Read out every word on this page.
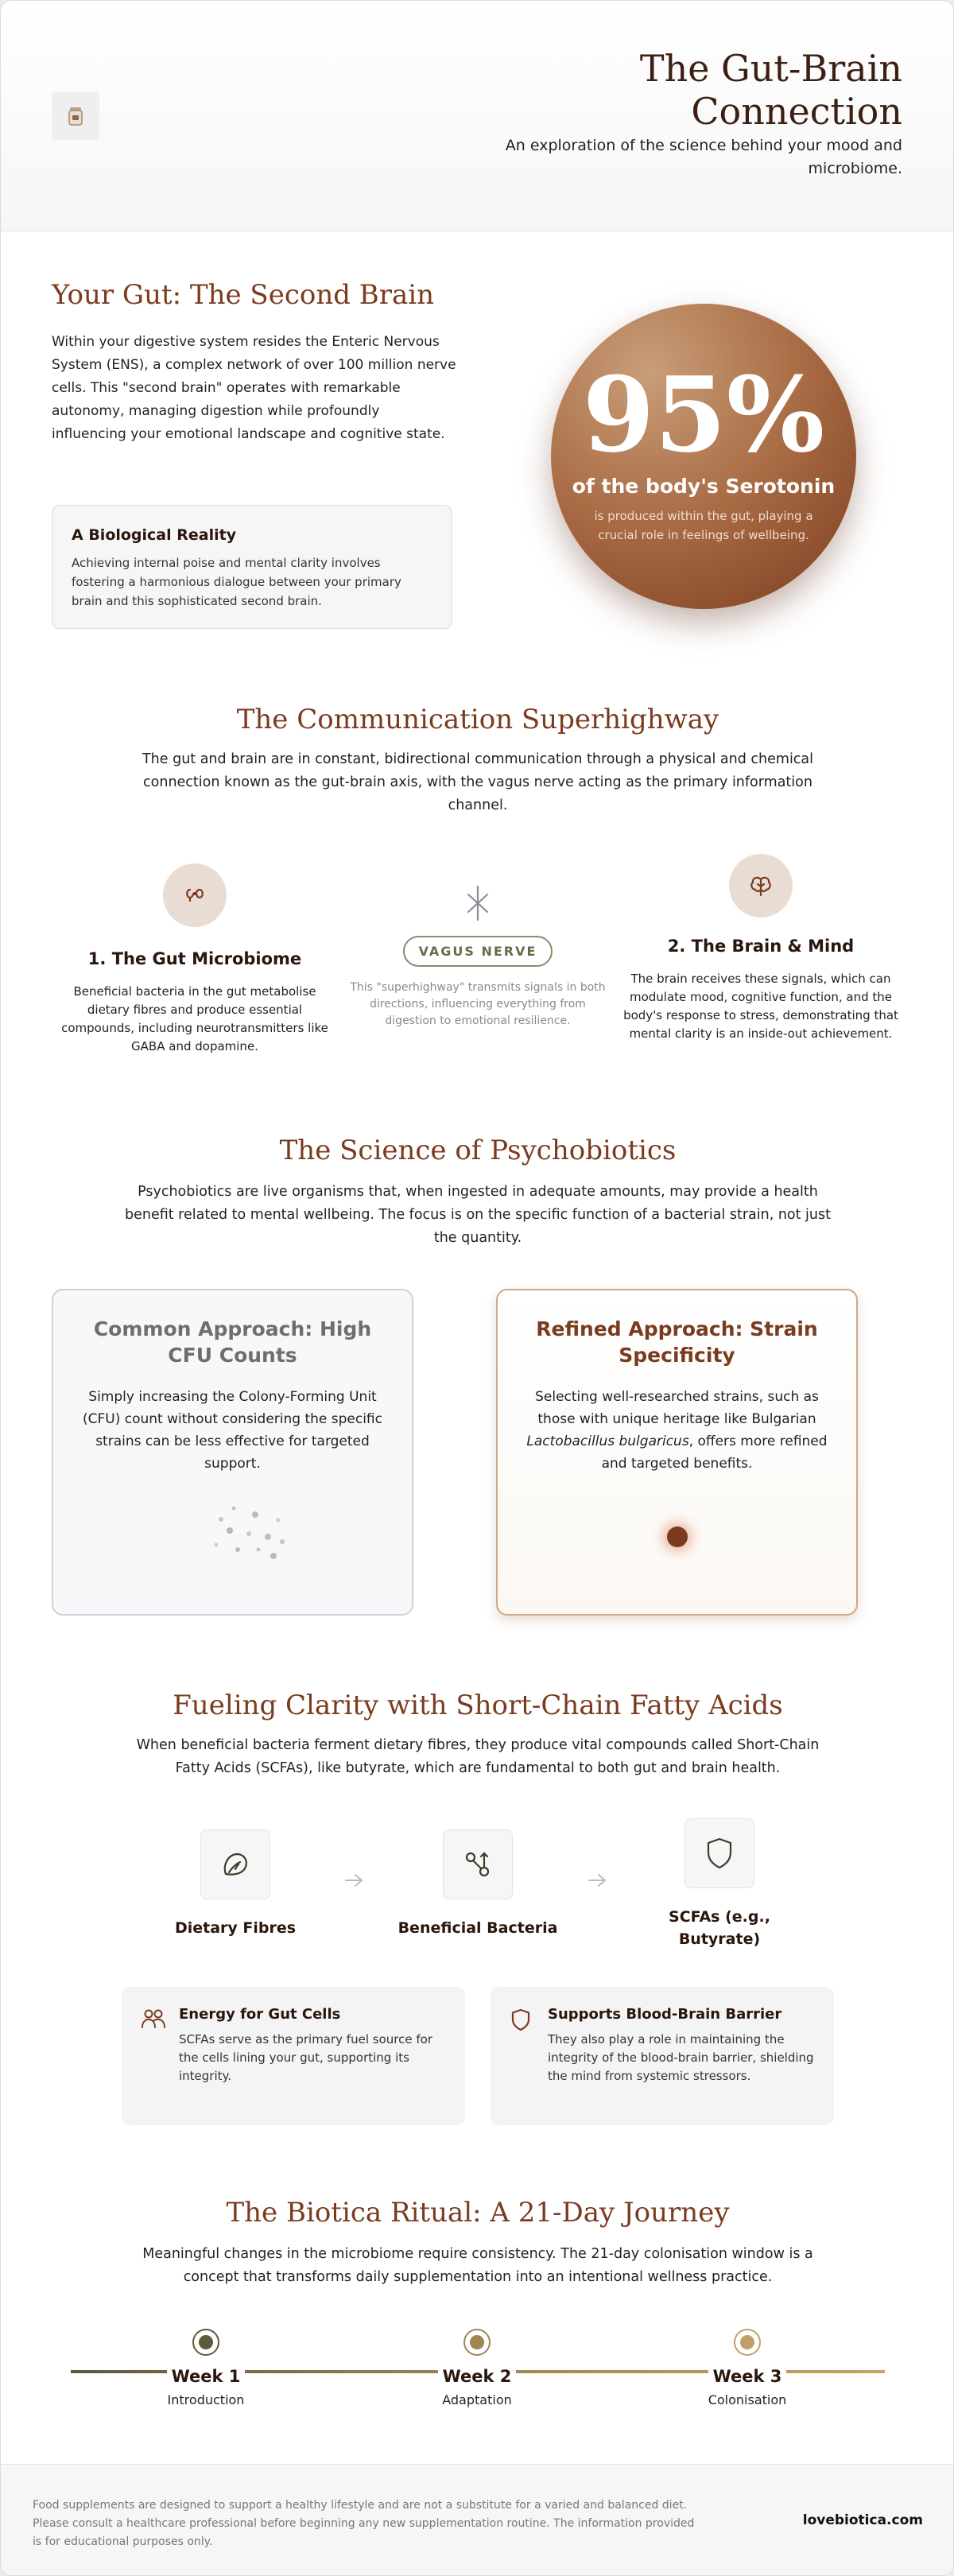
The Gut-Brain Connection
An exploration of the science behind your mood and microbiome.
Your Gut: The Second Brain
Within your digestive system resides the Enteric Nervous System (ENS), a complex network of over 100 million nerve cells. This "second brain" operates with remarkable autonomy, managing digestion while profoundly influencing your emotional landscape and cognitive state.
A Biological Reality

Achieving internal poise and mental clarity involves fostering a harmonious dialogue between your primary brain and this sophisticated second brain.

95%
of the body's Serotonin
is produced within the gut, playing a crucial role in feelings of wellbeing.
The Communication Superhighway
The gut and brain are in constant, bidirectional communication through a physical and chemical connection known as the gut-brain axis, with the vagus nerve acting as the primary information channel.
1. The Gut Microbiome
Beneficial bacteria in the gut metabolise dietary fibres and produce essential compounds, including neurotransmitters like GABA and dopamine.
VAGUS NERVE
This "superhighway" transmits signals in both directions, influencing everything from digestion to emotional resilience.
2. The Brain & Mind
The brain receives these signals, which can modulate mood, cognitive function, and the body's response to stress, demonstrating that mental clarity is an inside-out achievement.
The Science of Psychobiotics
Psychobiotics are live organisms that, when ingested in adequate amounts, may provide a health benefit related to mental wellbeing. The focus is on the specific function of a bacterial strain, not just the quantity.
Common Approach: High CFU Counts

Simply increasing the Colony-Forming Unit (CFU) count without considering the specific strains can be less effective for targeted support.

Refined Approach: Strain Specificity

Selecting well-researched strains, such as those with unique heritage like Bulgarian Lactobacillus bulgaricus, offers more refined and targeted benefits.

Fueling Clarity with Short-Chain Fatty Acids
When beneficial bacteria ferment dietary fibres, they produce vital compounds called Short-Chain Fatty Acids (SCFAs), like butyrate, which are fundamental to both gut and brain health.
Dietary Fibres	Beneficial Bacteria
SCFAs (e.g., Butyrate)
Energy for Gut Cells

SCFAs serve as the primary fuel source for the cells lining your gut, supporting its integrity.

Supports Blood-Brain Barrier

They also play a role in maintaining the integrity of the blood-brain barrier, shielding the mind from systemic stressors.

The Biotica Ritual: A 21-Day Journey
Meaningful changes in the microbiome require consistency. The 21-day colonisation window is a concept that transforms daily supplementation into an intentional wellness practice.
Week 1
Introduction
Week 2
Adaptation
Week 3
Colonisation
Food supplements are designed to support a healthy lifestyle and are not a substitute for a varied and balanced diet. Please consult a healthcare professional before beginning any new supplementation routine. The information provided is for educational purposes only.
lovebiotica.com
